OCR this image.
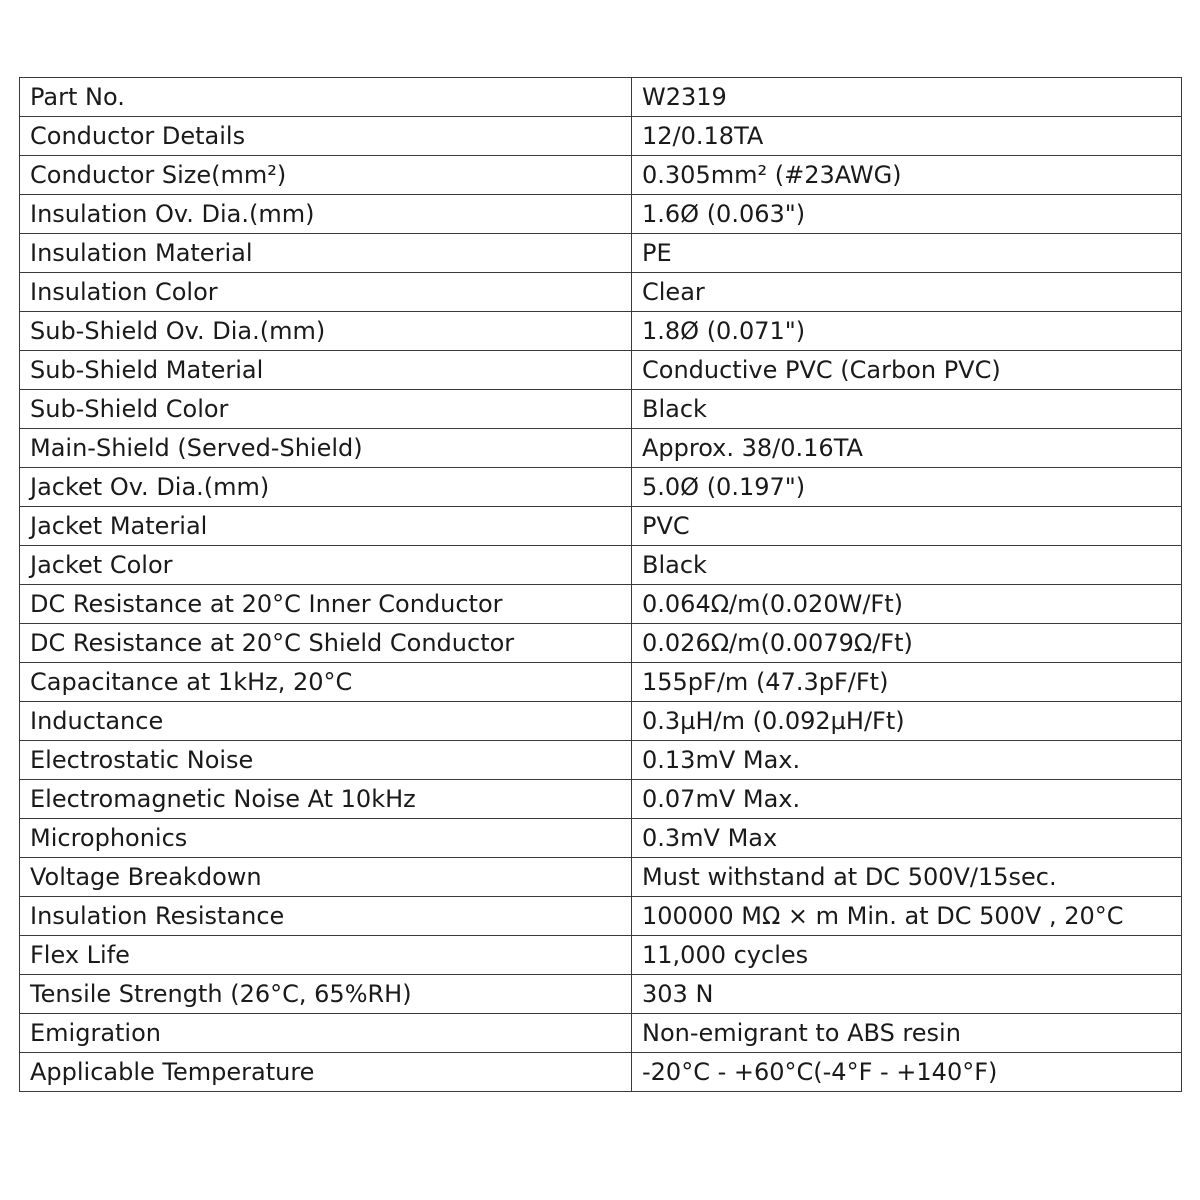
Part No.	W2319
Conductor Details	12/0.18TA
Conductor Size(mm²)	0.305mm² (#23AWG)
Insulation Ov. Dia.(mm)	1.6Ø (0.063")
Insulation Material	PE
Insulation Color	Clear
Sub-Shield Ov. Dia.(mm)	1.8Ø (0.071")
Sub-Shield Material	Conductive PVC (Carbon PVC)
Sub-Shield Color	Black
Main-Shield (Served-Shield)	Approx. 38/0.16TA
Jacket Ov. Dia.(mm)	5.0Ø (0.197")
Jacket Material	PVC
Jacket Color	Black
DC Resistance at 20°C Inner Conductor	0.064Ω/m(0.020W/Ft)
DC Resistance at 20°C Shield Conductor	0.026Ω/m(0.0079Ω/Ft)
Capacitance at 1kHz, 20°C	155pF/m (47.3pF/Ft)
Inductance	0.3µH/m (0.092µH/Ft)
Electrostatic Noise	0.13mV Max.
Electromagnetic Noise At 10kHz	0.07mV Max.
Microphonics	0.3mV Max
Voltage Breakdown	Must withstand at DC 500V/15sec.
Insulation Resistance	100000 MΩ × m Min. at DC 500V , 20°C
Flex Life	11,000 cycles
Tensile Strength (26°C, 65%RH)	303 N
Emigration	Non-emigrant to ABS resin
Applicable Temperature	-20°C - +60°C(-4°F - +140°F)
